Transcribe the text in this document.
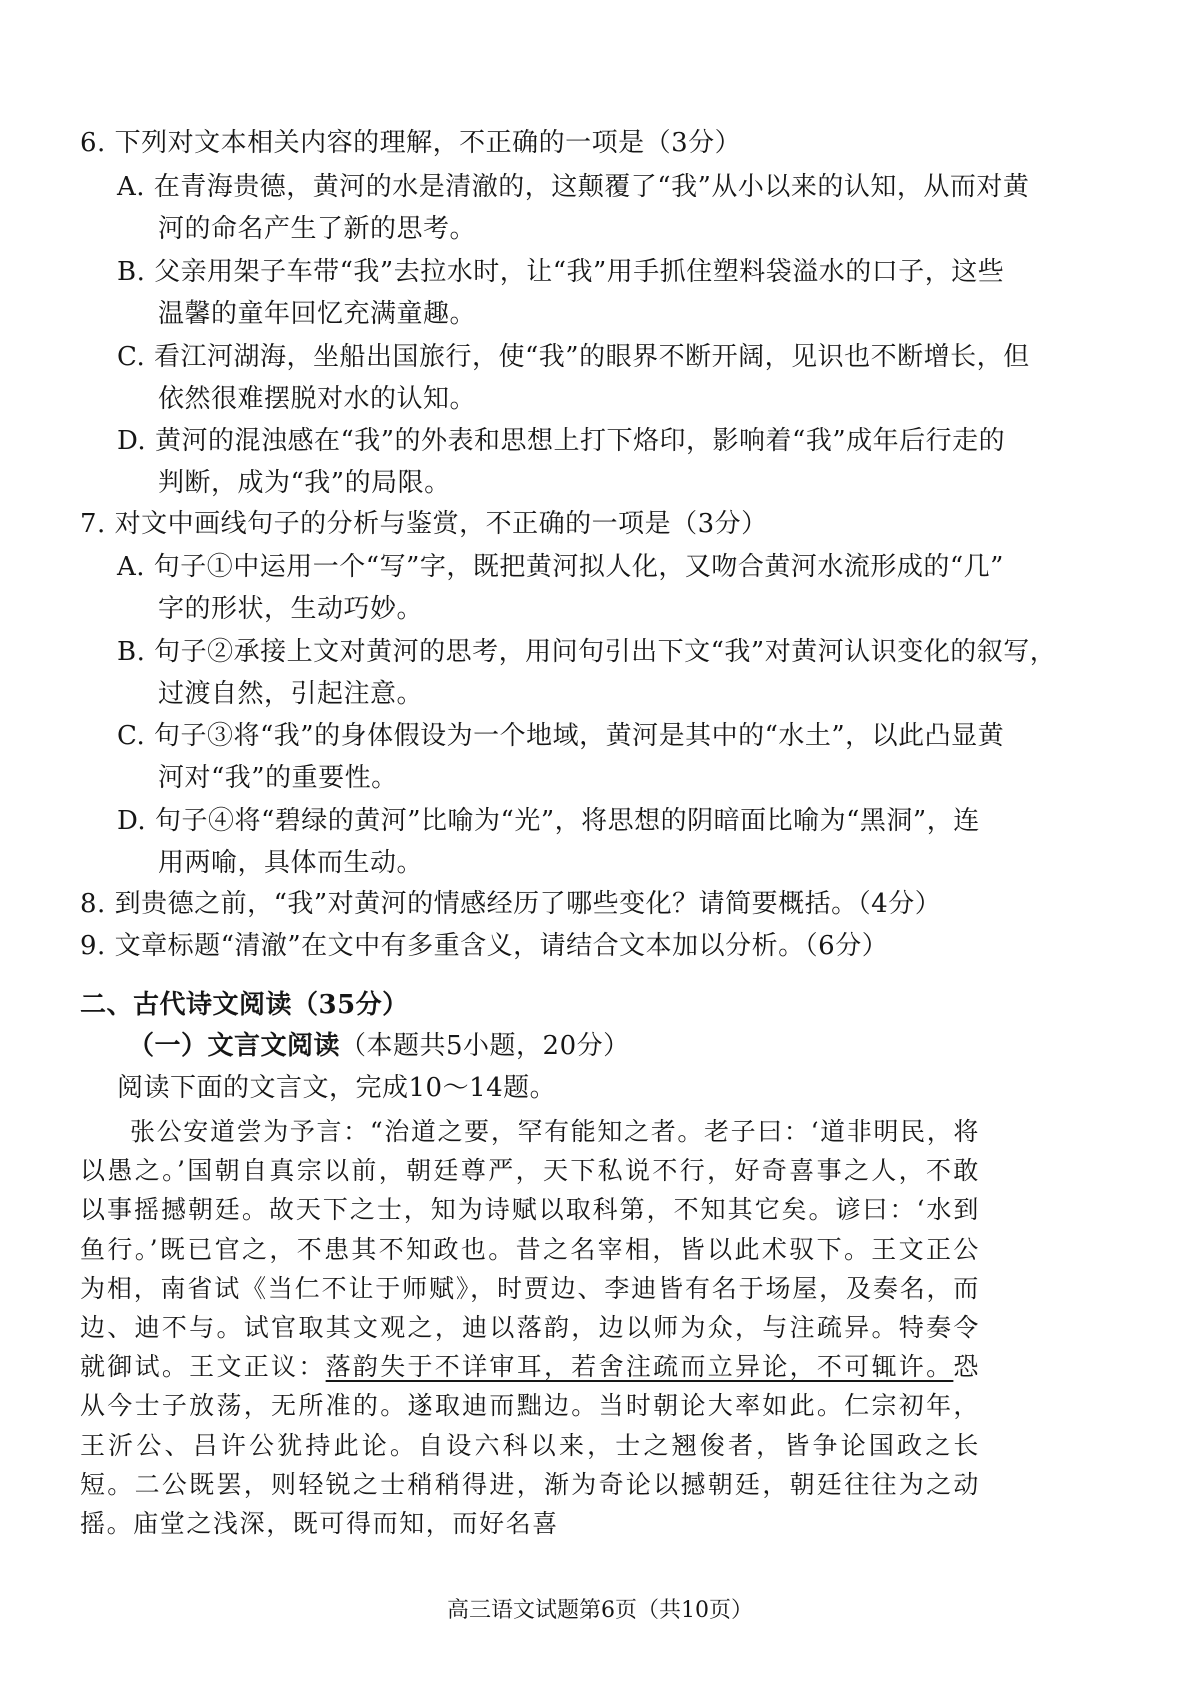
6. 下列对文本相关内容的理解，不正确的一项是（3分）
A. 在青海贵德，黄河的水是清澈的，这颠覆了“我”从小以来的认知，从而对黄
河的命名产生了新的思考。
B. 父亲用架子车带“我”去拉水时，让“我”用手抓住塑料袋溢水的口子，这些
温馨的童年回忆充满童趣。
C. 看江河湖海，坐船出国旅行，使“我”的眼界不断开阔，见识也不断增长，但
依然很难摆脱对水的认知。
D. 黄河的混浊感在“我”的外表和思想上打下烙印，影响着“我”成年后行走的
判断，成为“我”的局限。
7. 对文中画线句子的分析与鉴赏，不正确的一项是（3分）
A. 句子①中运用一个“写”字，既把黄河拟人化，又吻合黄河水流形成的“几”
字的形状，生动巧妙。
B. 句子②承接上文对黄河的思考，用问句引出下文“我”对黄河认识变化的叙写，
过渡自然，引起注意。
C. 句子③将“我”的身体假设为一个地域，黄河是其中的“水土”，以此凸显黄
河对“我”的重要性。
D. 句子④将“碧绿的黄河”比喻为“光”，将思想的阴暗面比喻为“黑洞”，连
用两喻，具体而生动。
8. 到贵德之前，“我”对黄河的情感经历了哪些变化？请简要概括。（4分）
9. 文章标题“清澈”在文中有多重含义，请结合文本加以分析。（6分）
二、古代诗文阅读（35分）
（一）文言文阅读（本题共5小题，20分）
阅读下面的文言文，完成10～14题。
张公安道尝为予言：“治道之要，罕有能知之者。老子曰：‘道非明民，将以愚之。’国朝自真宗以前，朝廷尊严，天下私说不行，好奇喜事之人，不敢以事摇撼朝廷。故天下之士，知为诗赋以取科第，不知其它矣。谚曰：‘水到鱼行。’既已官之，不患其不知政也。昔之名宰相，皆以此术驭下。王文正公为相，南省试《当仁不让于师赋》，时贾边、李迪皆有名于场屋，及奏名，而边、迪不与。试官取其文观之，迪以落韵，边以师为众，与注疏异。特奏令就御试。王文正议：落韵失于不详审耳，若舍注疏而立异论，不可辄许。恐从今士子放荡，无所准的。遂取迪而黜边。当时朝论大率如此。仁宗初年，王沂公、吕许公犹持此论。自设六科以来，士之翘俊者，皆争论国政之长短。二公既罢，则轻锐之士稍稍得进，渐为奇论以撼朝廷，朝廷往往为之动摇。庙堂之浅深，既可得而知，而好名喜
高三语文试题第6页（共10页）
